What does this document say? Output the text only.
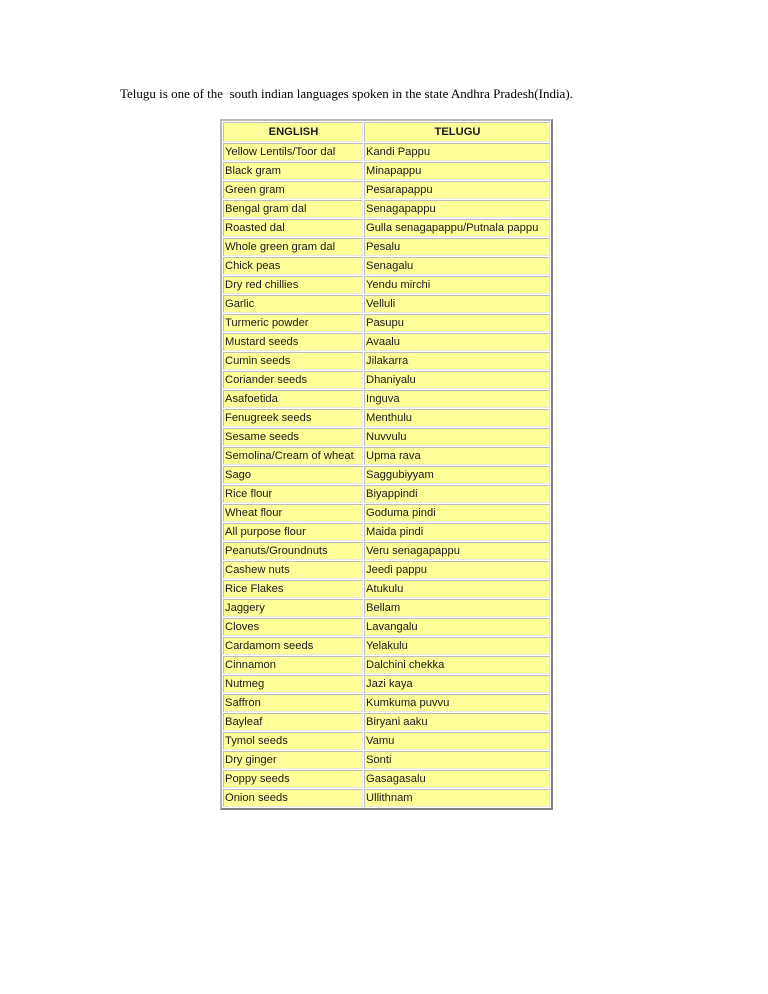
Telugu is one of the  south indian languages spoken in the state Andhra Pradesh(India).
ENGLISH	TELUGU
Yellow Lentils/Toor dal	Kandi Pappu
Black gram	Minapappu
Green gram	Pesarapappu
Bengal gram dal	Senagapappu
Roasted dal	Gulla senagapappu/Putnala pappu
Whole green gram dal	Pesalu
Chick peas	Senagalu
Dry red chillies	Yendu mirchi
Garlic	Velluli
Turmeric powder	Pasupu
Mustard seeds	Avaalu
Cumin seeds	Jilakarra
Coriander seeds	Dhaniyalu
Asafoetida	Inguva
Fenugreek seeds	Menthulu
Sesame seeds	Nuvvulu
Semolina/Cream of wheat	Upma rava
Sago	Saggubiyyam
Rice flour	Biyappindi
Wheat flour	Goduma pindi
All purpose flour	Maida pindi
Peanuts/Groundnuts	Veru senagapappu
Cashew nuts	Jeedi pappu
Rice Flakes	Atukulu
Jaggery	Bellam
Cloves	Lavangalu
Cardamom seeds	Yelakulu
Cinnamon	Dalchini chekka
Nutmeg	Jazi kaya
Saffron	Kumkuma puvvu
Bayleaf	Biryani aaku
Tymol seeds	Vamu
Dry ginger	Sonti
Poppy seeds	Gasagasalu
Onion seeds	Ullithnam
